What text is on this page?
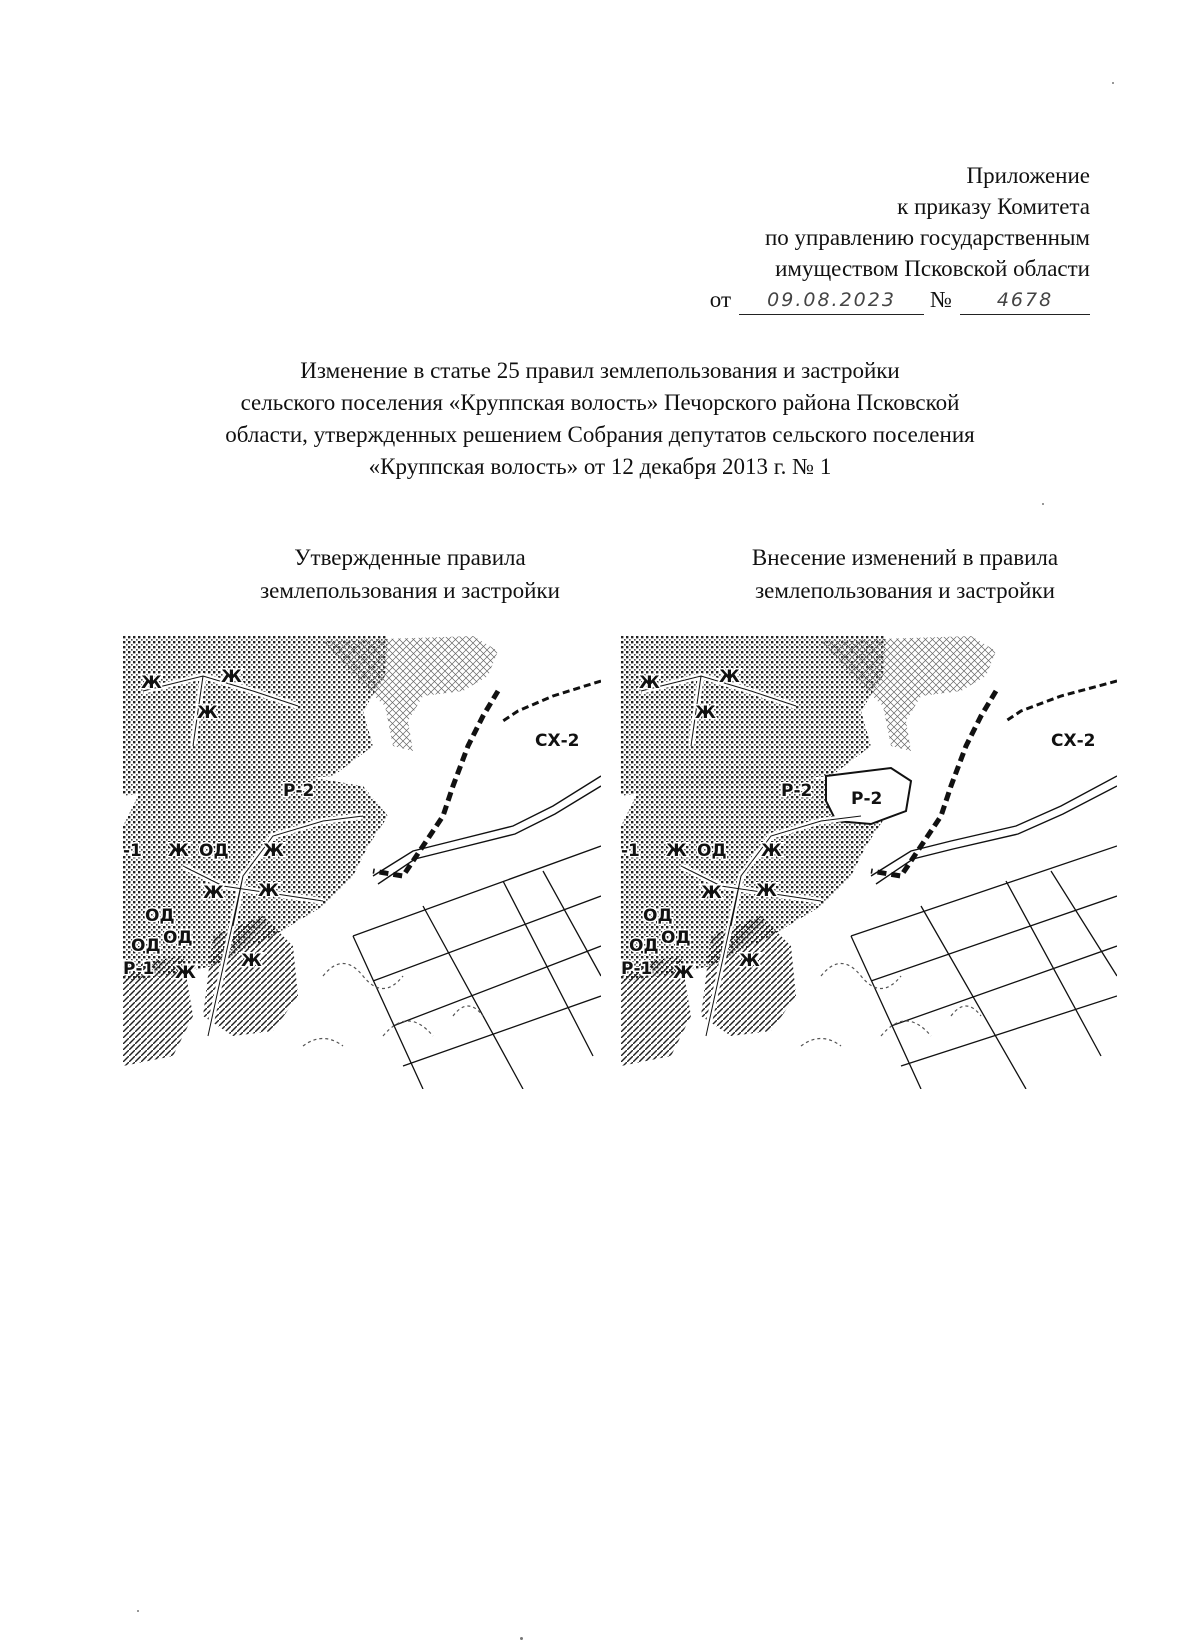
Приложение
к приказу Комитета
по управлению государственным
имуществом Псковской области
от	09.08.2023	№	4678
Изменение в статье 25 правил землепользования и застройки
сельского поселения «Круппская волость» Печорского района Псковской
области, утвержденных решением Собрания депутатов сельского поселения
«Круппская волость» от 12 декабря 2013 г. № 1
Утвержденные правила
землепользования и застройки
Внесение изменений в правила
землепользования и застройки
Ж	Ж
Ж
СХ-2
Р-2
-1 Ж ОД Ж
Ж Ж
ОД
ОД
ОД
Р-1 Ж
Ж
Ж	Ж
Ж
СХ-2
Р-2 Р-2
-1 Ж ОД Ж
Ж Ж
ОД
ОД
ОД
Р-1 Ж
Ж
